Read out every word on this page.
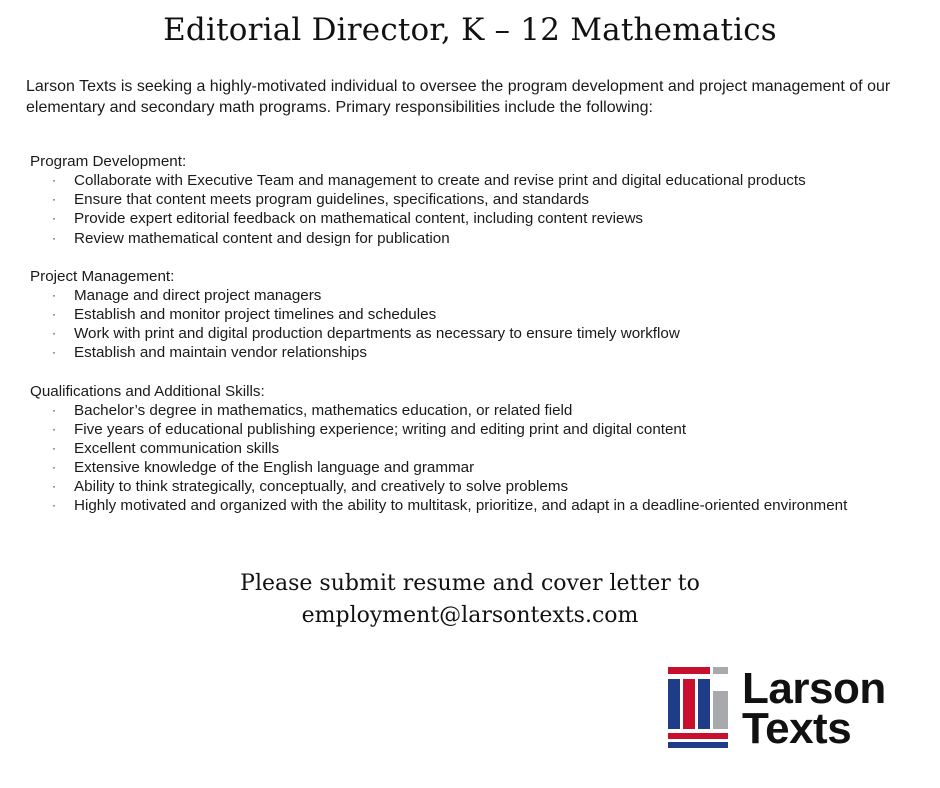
Editorial Director, K – 12 Mathematics
Larson Texts is seeking a highly-motivated individual to oversee the program development and project management of our elementary and secondary math programs. Primary responsibilities include the following:
Program Development:
· Collaborate with Executive Team and management to create and revise print and digital educational products
· Ensure that content meets program guidelines, specifications, and standards
· Provide expert editorial feedback on mathematical content, including content reviews
· Review mathematical content and design for publication
Project Management:
· Manage and direct project managers
· Establish and monitor project timelines and schedules
· Work with print and digital production departments as necessary to ensure timely workflow
· Establish and maintain vendor relationships
Qualifications and Additional Skills:
· Bachelor’s degree in mathematics, mathematics education, or related field
· Five years of educational publishing experience; writing and editing print and digital content
· Excellent communication skills
· Extensive knowledge of the English language and grammar
· Ability to think strategically, conceptually, and creatively to solve problems
· Highly motivated and organized with the ability to multitask, prioritize, and adapt in a deadline-oriented environment
Please submit resume and cover letter to
employment@larsontexts.com
Larson
Texts
